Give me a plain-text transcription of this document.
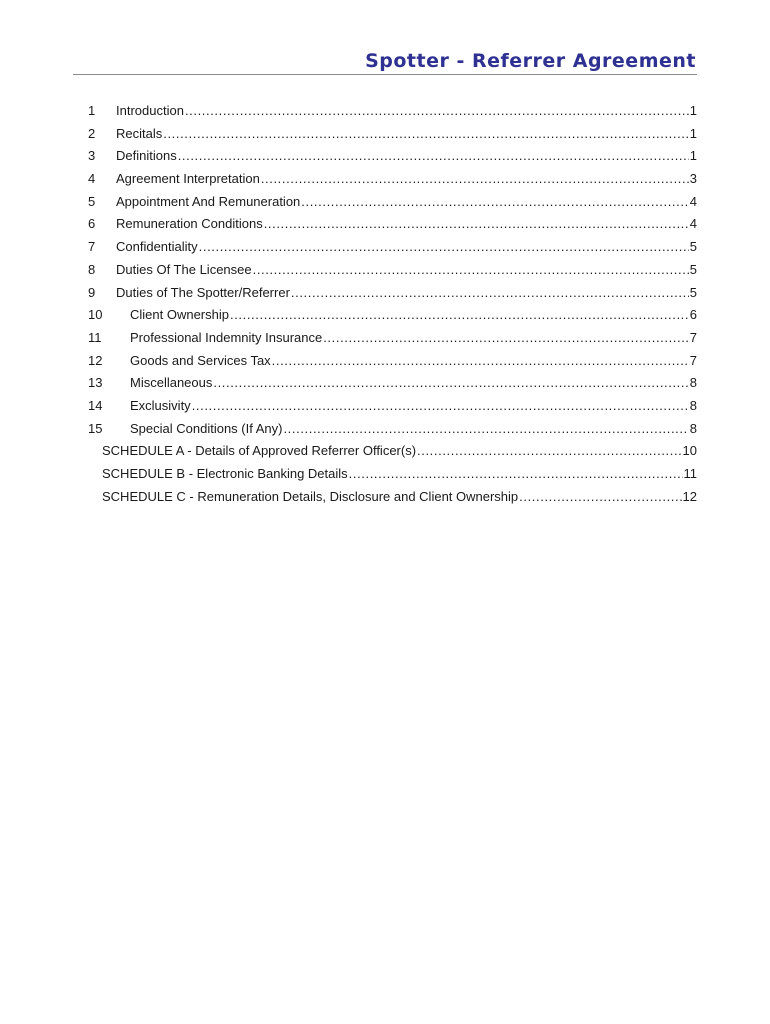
Spotter - Referrer Agreement
1	Introduction .....	1
2	Recitals .....	1
3	Definitions .....	1
4	Agreement Interpretation .....	3
5	Appointment And Remuneration .....	4
6	Remuneration Conditions .....	4
7	Confidentiality .....	5
8	Duties Of The Licensee .....	5
9	Duties of The Spotter/Referrer .....	5
10	Client Ownership .....	6
11	Professional Indemnity Insurance .....	7
12	Goods and Services Tax .....	7
13	Miscellaneous .....	8
14	Exclusivity .....	8
15	Special Conditions (If Any) .....	8
SCHEDULE A - Details of Approved Referrer Officer(s) .....	10
SCHEDULE B - Electronic Banking Details .....	11
SCHEDULE C - Remuneration Details, Disclosure and Client Ownership .....	12
